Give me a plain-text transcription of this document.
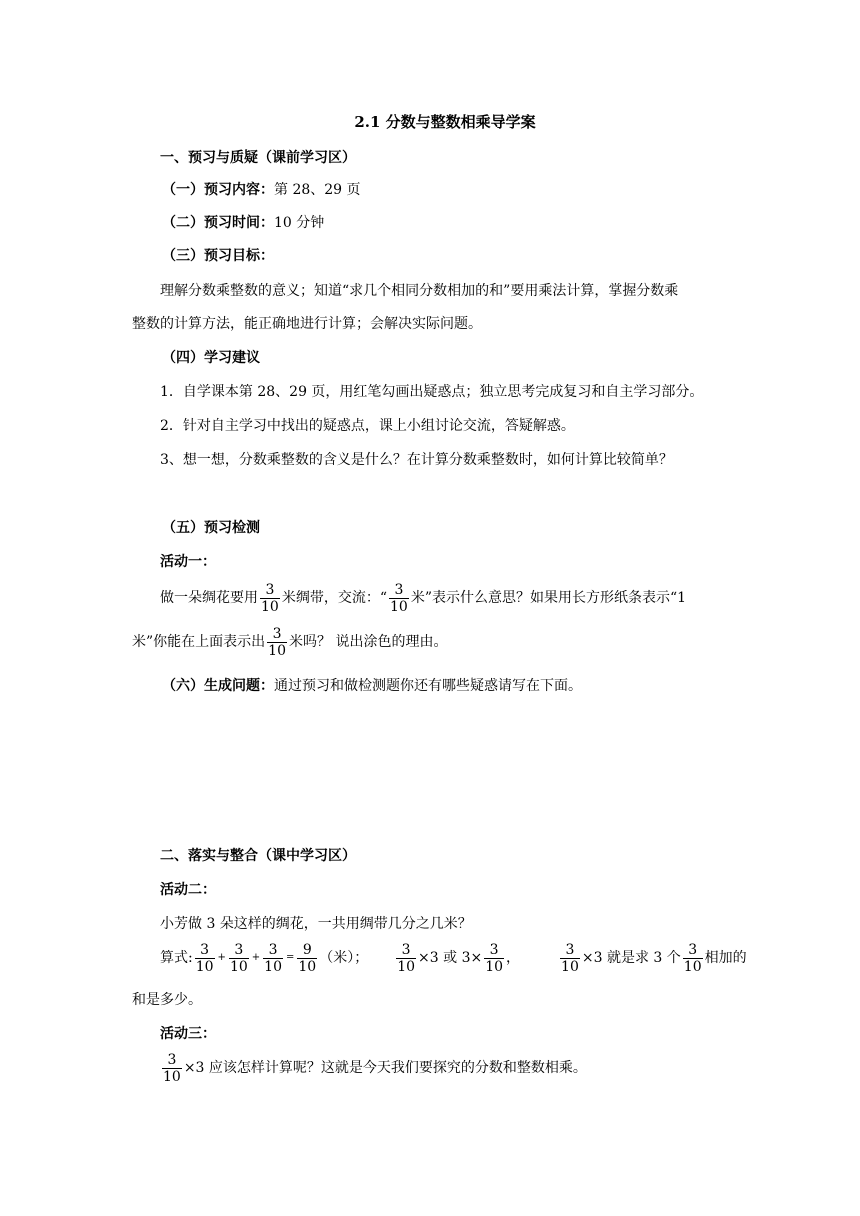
2.1 分数与整数相乘导学案
一、预习与质疑（课前学习区）
（一）预习内容：第 28、29 页
（二）预习时间：10 分钟
（三）预习目标：
理解分数乘整数的意义；知道“求几个相同分数相加的和”要用乘法计算，掌握分数乘
整数的计算方法，能正确地进行计算；会解决实际问题。
（四）学习建议
1．自学课本第 28、29 页，用红笔勾画出疑惑点；独立思考完成复习和自主学习部分。
2．针对自主学习中找出的疑惑点，课上小组讨论交流，答疑解惑。
3、想一想，分数乘整数的含义是什么？在计算分数乘整数时，如何计算比较简单？
（五）预习检测
活动一：
做一朵绸花要用 $\frac{3}{10}$ 米绸带，交流：“ $\frac{3}{10}$ 米”表示什么意思？如果用长方形纸条表示“1
米”你能在上面表示出 $\frac{3}{10}$ 米吗？ 说出涂色的理由。
（六）生成问题：通过预习和做检测题你还有哪些疑惑请写在下面。
二、落实与整合（课中学习区）
活动二：
小芳做 3 朵这样的绸花，一共用绸带几分之几米？
算式: $\frac{3}{10} + \frac{3}{10} + \frac{3}{10} = \frac{9}{10}$ （米）； $\frac{3}{10} \times 3$ 或 $3\times \frac{3}{10}$ ，	$\frac{3}{10} \times 3$ 就是求 3 个 $\frac{3}{10}$ 相加的
和是多少。
活动三：
$\frac{3}{10} \times 3$ 应该怎样计算呢？这就是今天我们要探究的分数和整数相乘。
